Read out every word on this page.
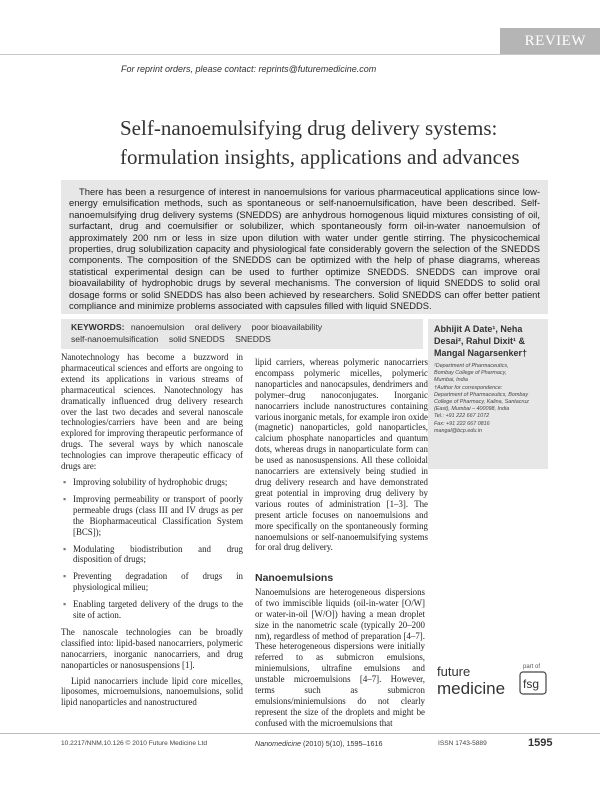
REVIEW
For reprint orders, please contact: reprints@futuremedicine.com
Self-nanoemulsifying drug delivery systems:
formulation insights, applications and advances

There has been a resurgence of interest in nanoemulsions for various pharmaceutical applications since low-energy emulsification methods, such as spontaneous or self-nanoemulsification, have been described. Self-nanoemulsifying drug delivery systems (SNEDDS) are anhydrous homogenous liquid mixtures consisting of oil, surfactant, drug and coemulsifier or solubilizer, which spontaneously form oil-in-water nanoemulsion of approximately 200 nm or less in size upon dilution with water under gentle stirring. The physicochemical properties, drug solubilization capacity and physiological fate considerably govern the selection of the SNEDDS components. The composition of the SNEDDS can be optimized with the help of phase diagrams, whereas statistical experimental design can be used to further optimize SNEDDS. SNEDDS can improve oral bioavailability of hydrophobic drugs by several mechanisms. The conversion of liquid SNEDDS to solid oral dosage forms or solid SNEDDS has also been achieved by researchers. Solid SNEDDS can offer better patient compliance and minimize problems associated with capsules filled with liquid SNEDDS.

KEYWORDS: nanoemulsion oral delivery poor bioavailability
self-nanoemulsification solid SNEDDS SNEDDS
Abhijit A Date¹, Neha Desai², Rahul Dixit¹ & Mangal Nagarsenker†
¹Department of Pharmaceutics,
Bombay College of Pharmacy,
Mumbai, India
†Author for correspondence:
Department of Pharmaceutics, Bombay
College of Pharmacy, Kalina, Santacruz
(East), Mumbai – 400098, India
Tel.: +91 222 667 1072
Fax: +91 222 667 0816
mangal@bcp.edu.in

Nanotechnology has become a buzzword in pharmaceutical sciences and efforts are ongoing to extend its applications in various streams of pharmaceutical sciences. Nanotechnology has dramatically influenced drug delivery research over the last two decades and several nanoscale technologies/carriers have been and are being explored for improving therapeutic performance of drugs. The several ways by which nanoscale technologies can improve therapeutic efficacy of drugs are:

▪ Improving solubility of hydrophobic drugs;
▪ Improving permeability or transport of poorly permeable drugs (class III and IV drugs as per the Biopharmaceutical Classification System [BCS]);
▪ Modulating biodistribution and drug disposition of drugs;
▪ Preventing degradation of drugs in physiological milieu;
▪ Enabling targeted delivery of the drugs to the site of action.

The nanoscale technologies can be broadly classified into: lipid-based nanocarriers, polymeric nanocarriers, inorganic nanocarriers, and drug nanoparticles or nanosuspensions [1].

Lipid nanocarriers include lipid core micelles, liposomes, microemulsions, nanoemulsions, solid lipid nanoparticles and nanostructured

lipid carriers, whereas polymeric nanocarriers encompass polymeric micelles, polymeric nanoparticles and nanocapsules, dendrimers and polymer–drug nanoconjugates. Inorganic nanocarriers include nanostructures containing various inorganic metals, for example iron oxide (magnetic) nanoparticles, gold nanoparticles, calcium phosphate nanoparticles and quantum dots, whereas drugs in nanoparticulate form can be used as nanosuspensions. All these colloidal nanocarriers are extensively being studied in drug delivery research and have demonstrated great potential in improving drug delivery by various routes of administration [1–3]. The present article focuses on nanoemulsions and more specifically on the spontaneously forming nanoemulsions or self-nanoemulsifying systems for oral drug delivery.

Nanoemulsions

Nanoemulsions are heterogeneous dispersions of two immiscible liquids (oil-in-water [O/W] or water-in-oil [W/O]) having a mean droplet size in the nanometric scale (typically 20–200 nm), regardless of method of preparation [4–7]. These heterogeneous dispersions were initially referred to as submicron emulsions, miniemulsions, ultrafine emulsions and unstable microemulsions [4–7]. However, terms such as submicron emulsions/miniemulsions do not clearly represent the size of the droplets and might be confused with the microemulsions that

future
medicine
part of
fsg
10.2217/NNM.10.126 © 2010 Future Medicine Ltd	Nanomedicine (2010) 5(10), 1595–1616	ISSN 1743-5889	1595
